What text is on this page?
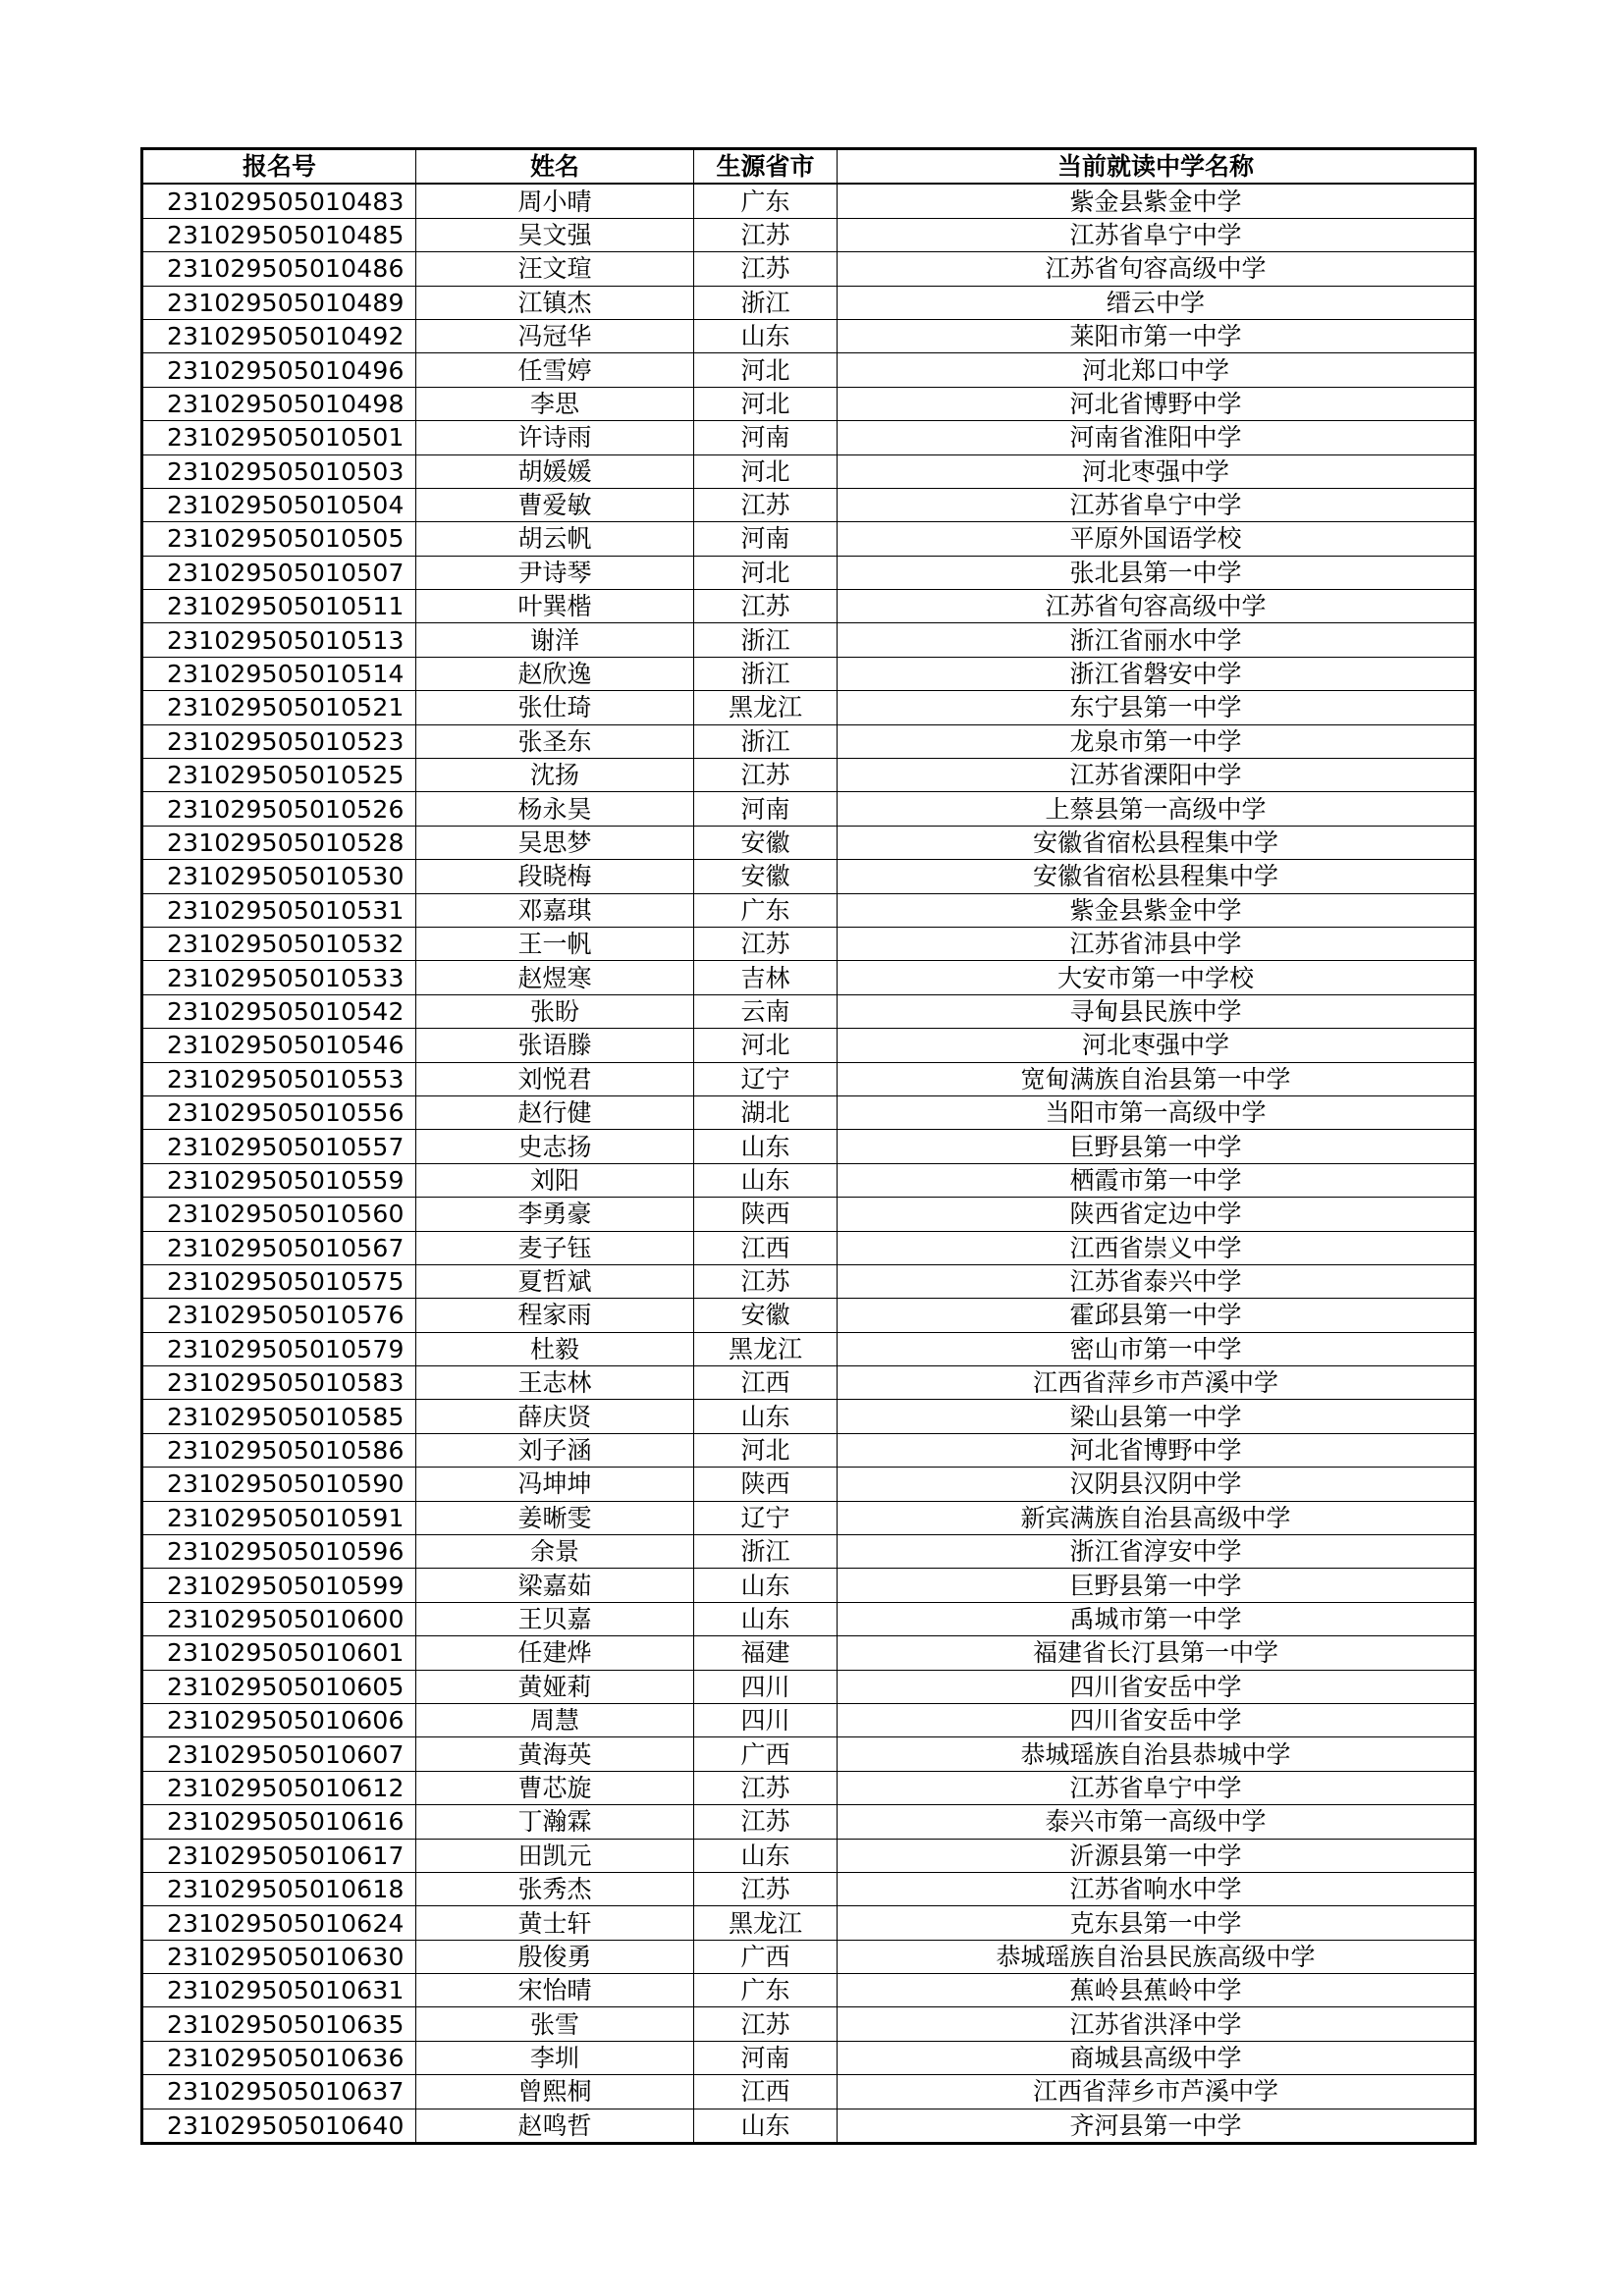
报名号	姓名	生源省市	当前就读中学名称
231029505010483	周小晴	广东	紫金县紫金中学
231029505010485	吴文强	江苏	江苏省阜宁中学
231029505010486	汪文瑄	江苏	江苏省句容高级中学
231029505010489	江镇杰	浙江	缙云中学
231029505010492	冯冠华	山东	莱阳市第一中学
231029505010496	任雪婷	河北	河北郑口中学
231029505010498	李思	河北	河北省博野中学
231029505010501	许诗雨	河南	河南省淮阳中学
231029505010503	胡媛媛	河北	河北枣强中学
231029505010504	曹爱敏	江苏	江苏省阜宁中学
231029505010505	胡云帆	河南	平原外国语学校
231029505010507	尹诗琴	河北	张北县第一中学
231029505010511	叶巽楷	江苏	江苏省句容高级中学
231029505010513	谢洋	浙江	浙江省丽水中学
231029505010514	赵欣逸	浙江	浙江省磐安中学
231029505010521	张仕琦	黑龙江	东宁县第一中学
231029505010523	张圣东	浙江	龙泉市第一中学
231029505010525	沈扬	江苏	江苏省溧阳中学
231029505010526	杨永昊	河南	上蔡县第一高级中学
231029505010528	吴思梦	安徽	安徽省宿松县程集中学
231029505010530	段晓梅	安徽	安徽省宿松县程集中学
231029505010531	邓嘉琪	广东	紫金县紫金中学
231029505010532	王一帆	江苏	江苏省沛县中学
231029505010533	赵煜寒	吉林	大安市第一中学校
231029505010542	张盼	云南	寻甸县民族中学
231029505010546	张语滕	河北	河北枣强中学
231029505010553	刘悦君	辽宁	宽甸满族自治县第一中学
231029505010556	赵行健	湖北	当阳市第一高级中学
231029505010557	史志扬	山东	巨野县第一中学
231029505010559	刘阳	山东	栖霞市第一中学
231029505010560	李勇豪	陕西	陕西省定边中学
231029505010567	麦子钰	江西	江西省崇义中学
231029505010575	夏哲斌	江苏	江苏省泰兴中学
231029505010576	程家雨	安徽	霍邱县第一中学
231029505010579	杜毅	黑龙江	密山市第一中学
231029505010583	王志林	江西	江西省萍乡市芦溪中学
231029505010585	薛庆贤	山东	梁山县第一中学
231029505010586	刘子涵	河北	河北省博野中学
231029505010590	冯坤坤	陕西	汉阴县汉阴中学
231029505010591	姜晰雯	辽宁	新宾满族自治县高级中学
231029505010596	余景	浙江	浙江省淳安中学
231029505010599	梁嘉茹	山东	巨野县第一中学
231029505010600	王贝嘉	山东	禹城市第一中学
231029505010601	任建烨	福建	福建省长汀县第一中学
231029505010605	黄娅莉	四川	四川省安岳中学
231029505010606	周慧	四川	四川省安岳中学
231029505010607	黄海英	广西	恭城瑶族自治县恭城中学
231029505010612	曹芯旋	江苏	江苏省阜宁中学
231029505010616	丁瀚霖	江苏	泰兴市第一高级中学
231029505010617	田凯元	山东	沂源县第一中学
231029505010618	张秀杰	江苏	江苏省响水中学
231029505010624	黄士轩	黑龙江	克东县第一中学
231029505010630	殷俊勇	广西	恭城瑶族自治县民族高级中学
231029505010631	宋怡晴	广东	蕉岭县蕉岭中学
231029505010635	张雪	江苏	江苏省洪泽中学
231029505010636	李圳	河南	商城县高级中学
231029505010637	曾熙桐	江西	江西省萍乡市芦溪中学
231029505010640	赵鸣哲	山东	齐河县第一中学
